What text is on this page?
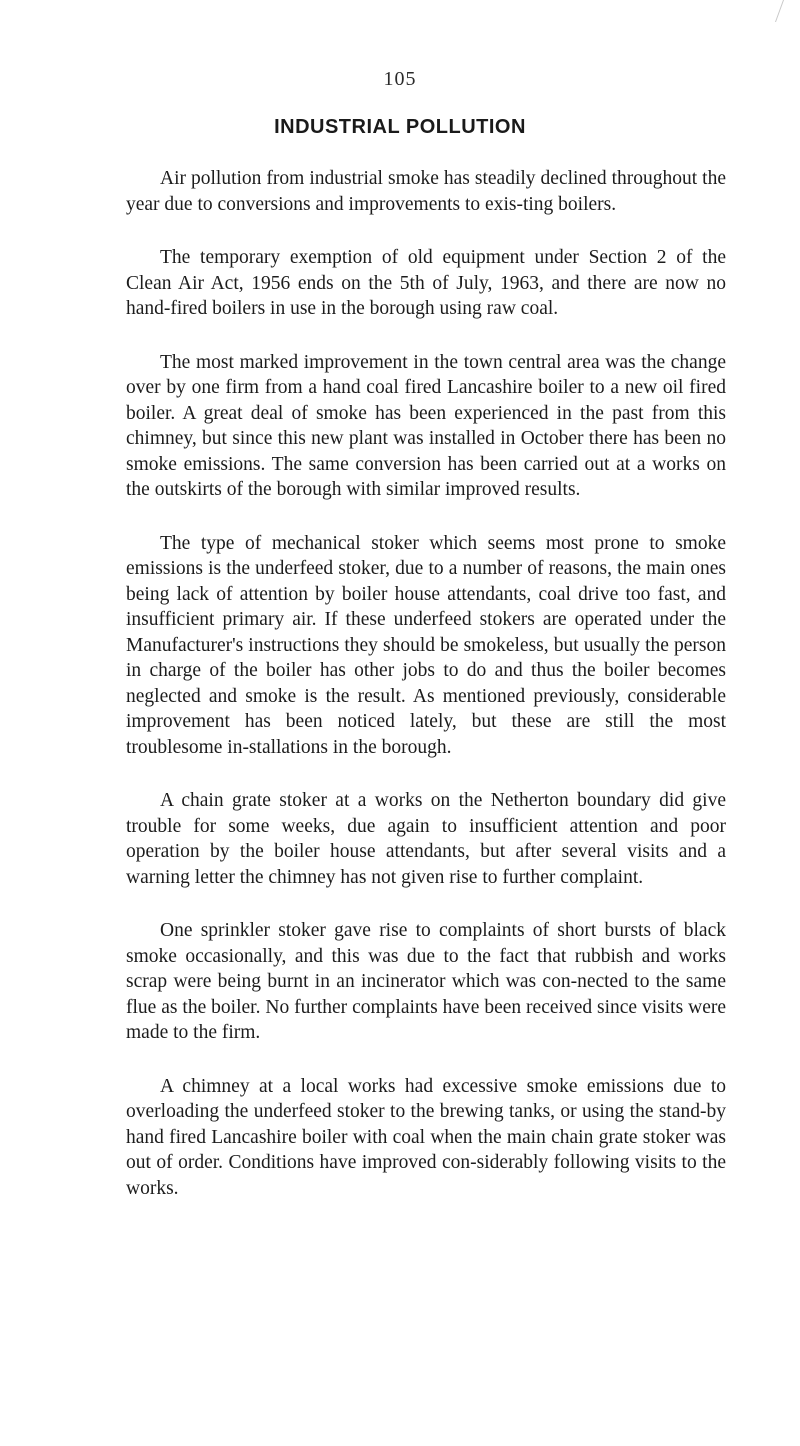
105
INDUSTRIAL POLLUTION

Air pollution from industrial smoke has steadily declined throughout the year due to conversions and improvements to exis-ting boilers.

The temporary exemption of old equipment under Section 2 of the Clean Air Act, 1956 ends on the 5th of July, 1963, and there are now no hand-fired boilers in use in the borough using raw coal.

The most marked improvement in the town central area was the change over by one firm from a hand coal fired Lancashire boiler to a new oil fired boiler. A great deal of smoke has been experienced in the past from this chimney, but since this new plant was installed in October there has been no smoke emissions. The same conversion has been carried out at a works on the outskirts of the borough with similar improved results.

The type of mechanical stoker which seems most prone to smoke emissions is the underfeed stoker, due to a number of reasons, the main ones being lack of attention by boiler house attendants, coal drive too fast, and insufficient primary air. If these underfeed stokers are operated under the Manufacturer's instructions they should be smokeless, but usually the person in charge of the boiler has other jobs to do and thus the boiler becomes neglected and smoke is the result. As mentioned previously, considerable improvement has been noticed lately, but these are still the most troublesome in-stallations in the borough.

A chain grate stoker at a works on the Netherton boundary did give trouble for some weeks, due again to insufficient attention and poor operation by the boiler house attendants, but after several visits and a warning letter the chimney has not given rise to further complaint.

One sprinkler stoker gave rise to complaints of short bursts of black smoke occasionally, and this was due to the fact that rubbish and works scrap were being burnt in an incinerator which was con-nected to the same flue as the boiler. No further complaints have been received since visits were made to the firm.

A chimney at a local works had excessive smoke emissions due to overloading the underfeed stoker to the brewing tanks, or using the stand-by hand fired Lancashire boiler with coal when the main chain grate stoker was out of order. Conditions have improved con-siderably following visits to the works.
